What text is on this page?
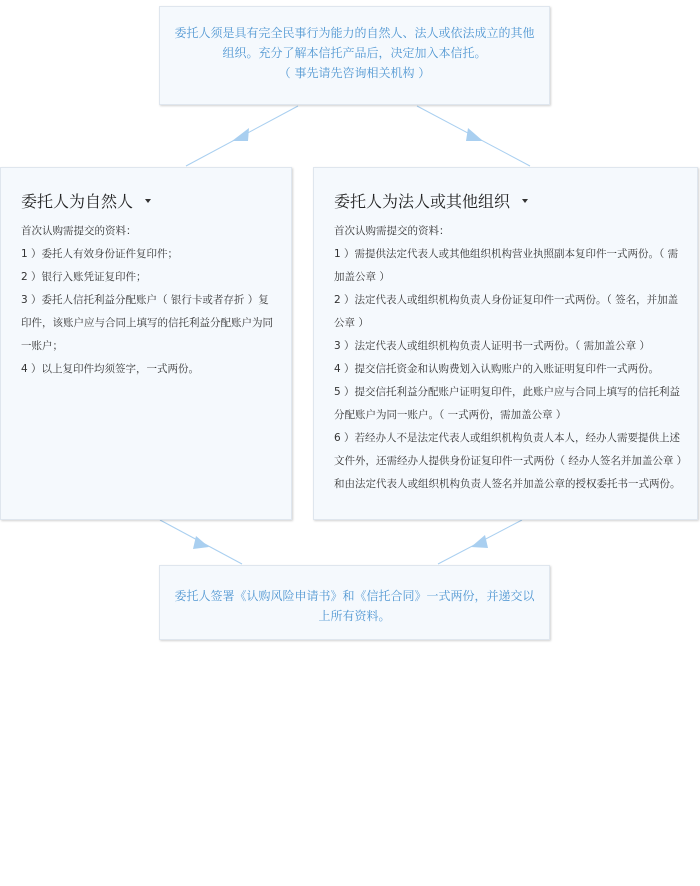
委托人须是具有完全民事行为能力的自然人、法人或依法成立的其他
组织。充分了解本信托产品后，决定加入本信托。
（ 事先请先咨询相关机构 ）
委托人为自然人
首次认购需提交的资料：
1 ）委托人有效身份证件复印件；
2 ）银行入账凭证复印件；
3 ）委托人信托利益分配账户（ 银行卡或者存折 ）复印件，该账户应与合同上填写的信托利益分配账户为同一账户；
4 ）以上复印件均须签字，一式两份。
委托人为法人或其他组织
首次认购需提交的资料：
1 ）需提供法定代表人或其他组织机构营业执照副本复印件一式两份。（ 需加盖公章 ）
2 ）法定代表人或组织机构负责人身份证复印件一式两份。（ 签名，并加盖公章 ）
3 ）法定代表人或组织机构负责人证明书一式两份。（ 需加盖公章 ）
4 ）提交信托资金和认购费划入认购账户的入账证明复印件一式两份。
5 ）提交信托利益分配账户证明复印件，此账户应与合同上填写的信托利益分配账户为同一账户。（ 一式两份，需加盖公章 ）
6 ）若经办人不是法定代表人或组织机构负责人本人，经办人需要提供上述文件外，还需经办人提供身份证复印件一式两份（ 经办人签名并加盖公章 ）和由法定代表人或组织机构负责人签名并加盖公章的授权委托书一式两份。
委托人签署《认购风险申请书》和《信托合同》一式两份，并递交以
上所有资料。
